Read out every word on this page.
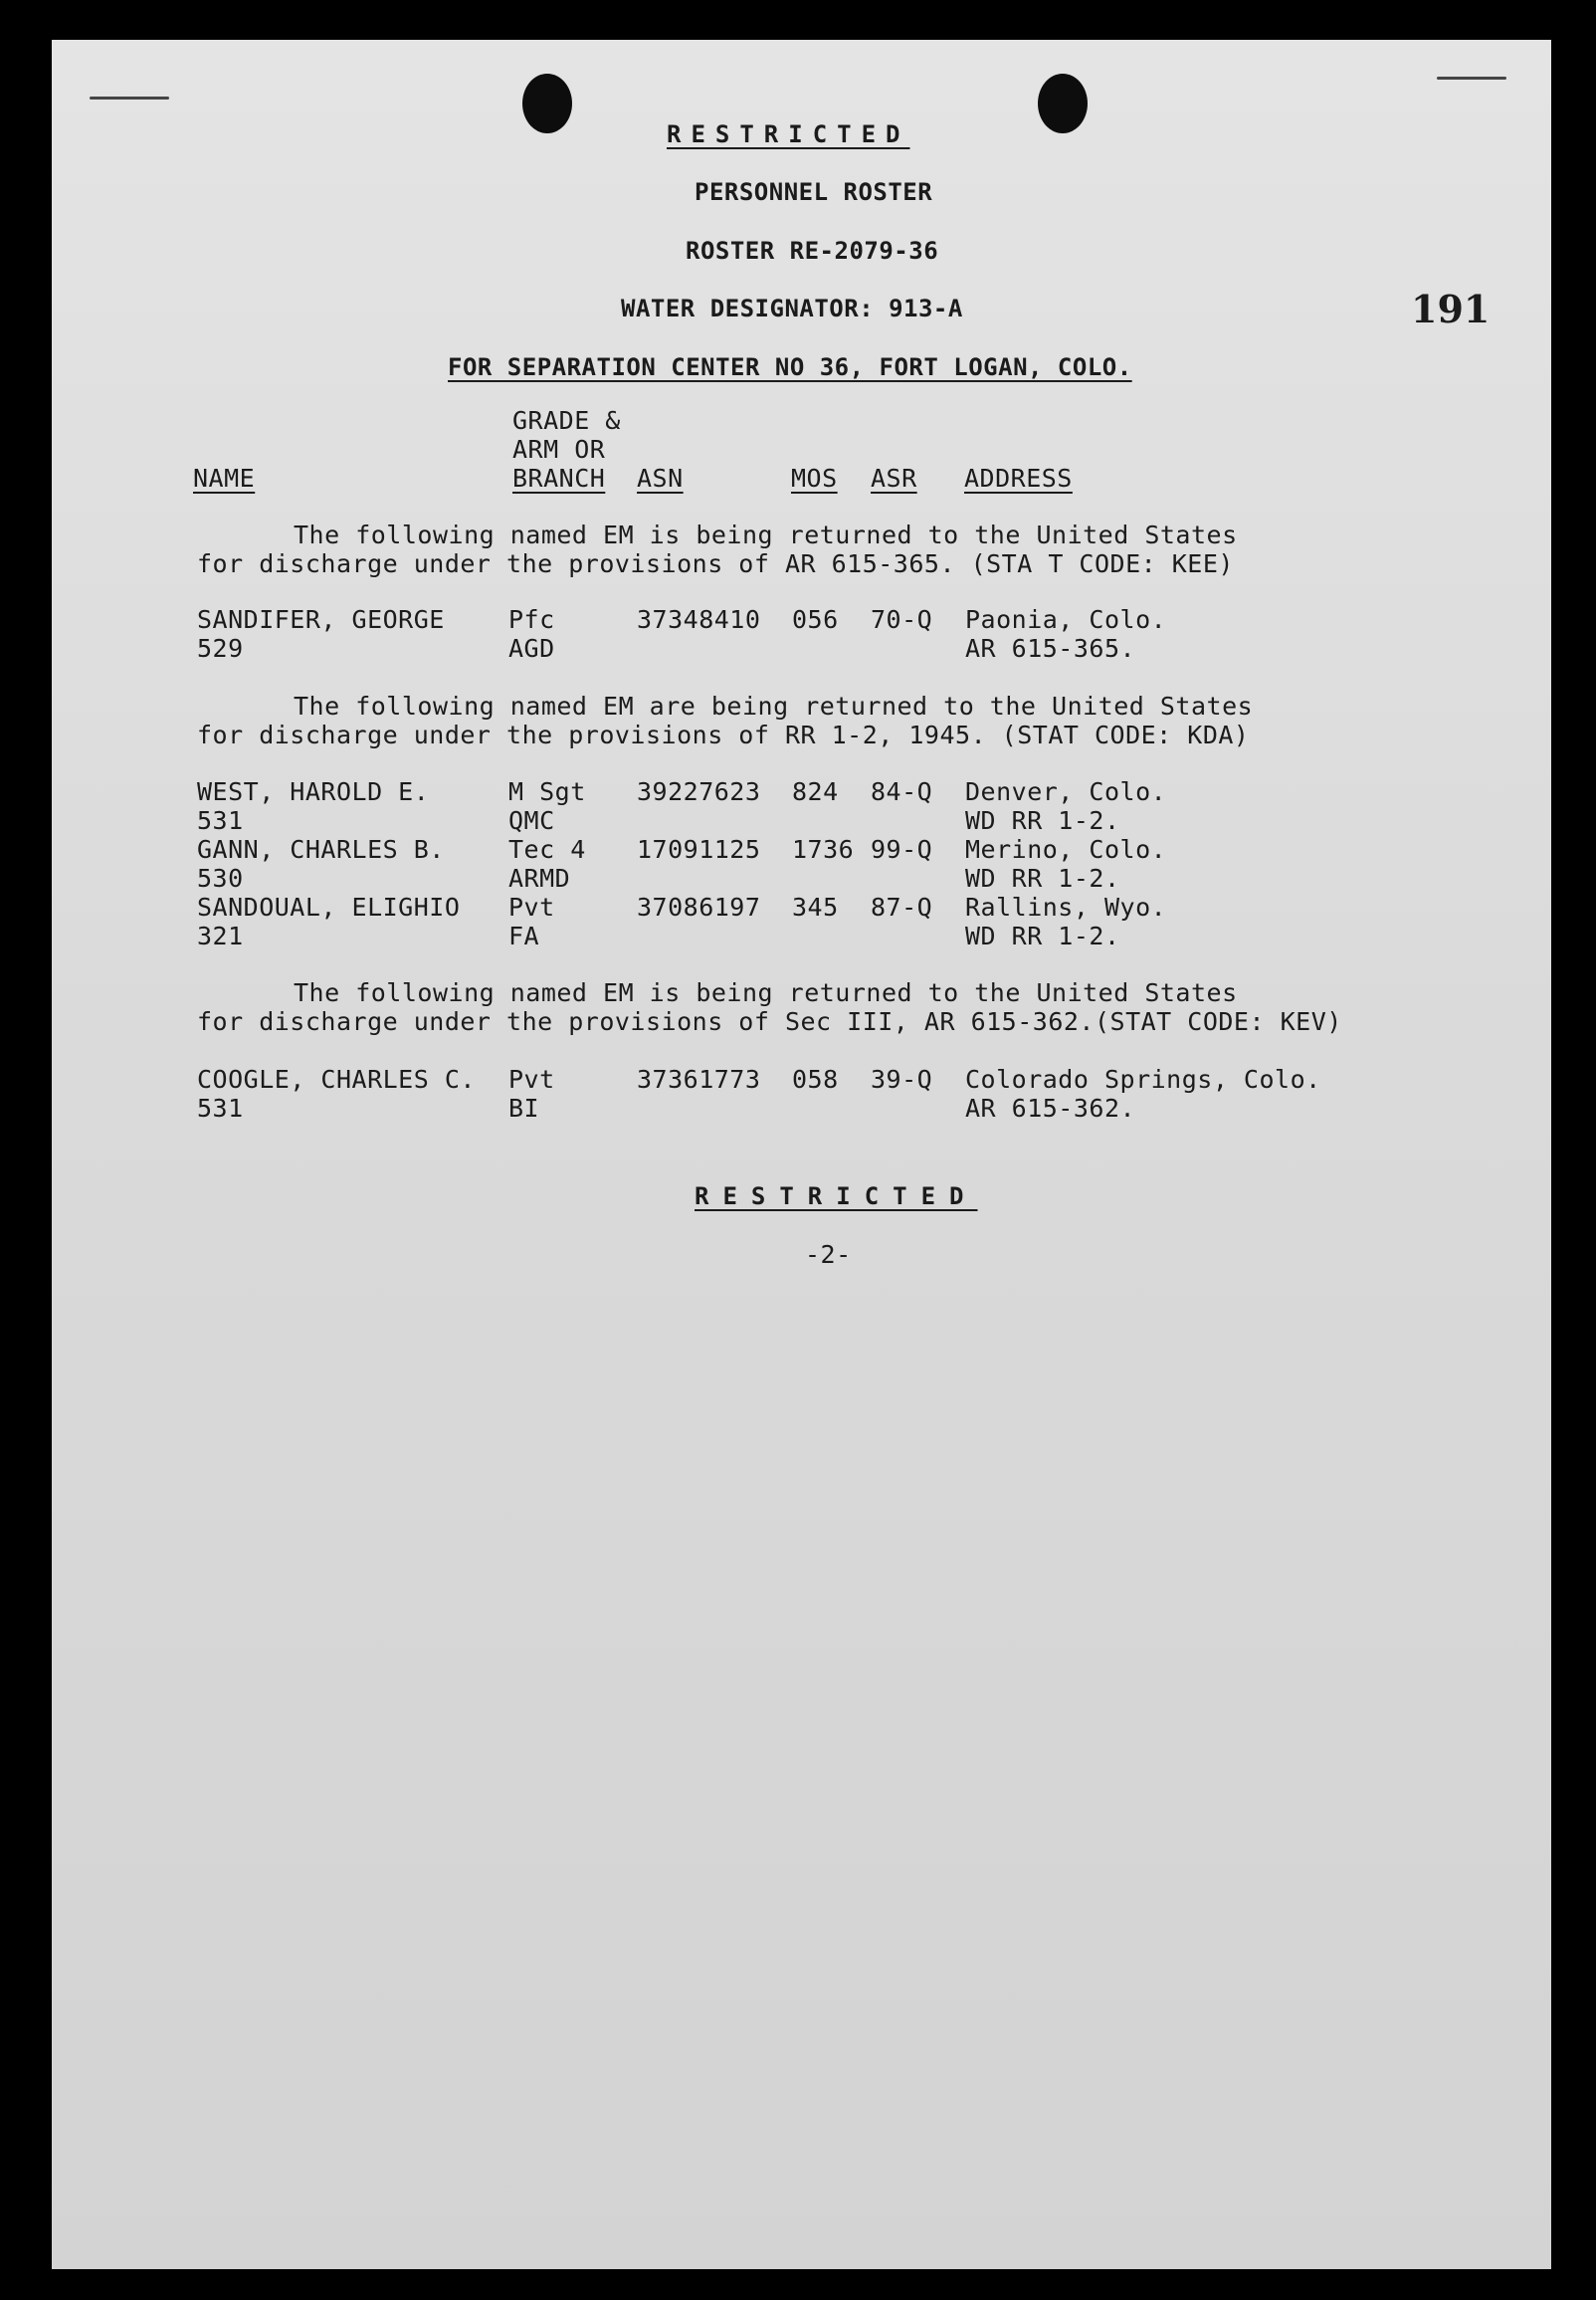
RESTRICTED
PERSONNEL ROSTER
ROSTER RE-2079-36
WATER DESIGNATOR: 913-A
FOR SEPARATION CENTER NO 36, FORT LOGAN, COLO.
191
GRADE &
ARM OR
NAME	BRANCH ASN	MOS ASR ADDRESS
The following named EM is being returned to the United States
for discharge under the provisions of AR 615-365. (STA T CODE: KEE)
SANDIFER, GEORGE
529
Pfc
AGD
37348410 056 70-Q Paonia, Colo.
AR 615-365.
The following named EM are being returned to the United States
for discharge under the provisions of RR 1-2, 1945. (STAT CODE: KDA)
WEST, HAROLD E.
531
M Sgt
QMC
39227623 824 84-Q Denver, Colo.
WD RR 1-2.
GANN, CHARLES B.
530
Tec 4
ARMD
17091125 1736 99-Q Merino, Colo.
WD RR 1-2.
SANDOUAL, ELIGHIO
321
Pvt
FA
37086197 345 87-Q Rallins, Wyo.
WD RR 1-2.
The following named EM is being returned to the United States
for discharge under the provisions of Sec III, AR 615-362.(STAT CODE: KEV)
COOGLE, CHARLES C.
531
Pvt
BI
37361773 058 39-Q Colorado Springs, Colo.
AR 615-362.
RESTRICTED
-2-
